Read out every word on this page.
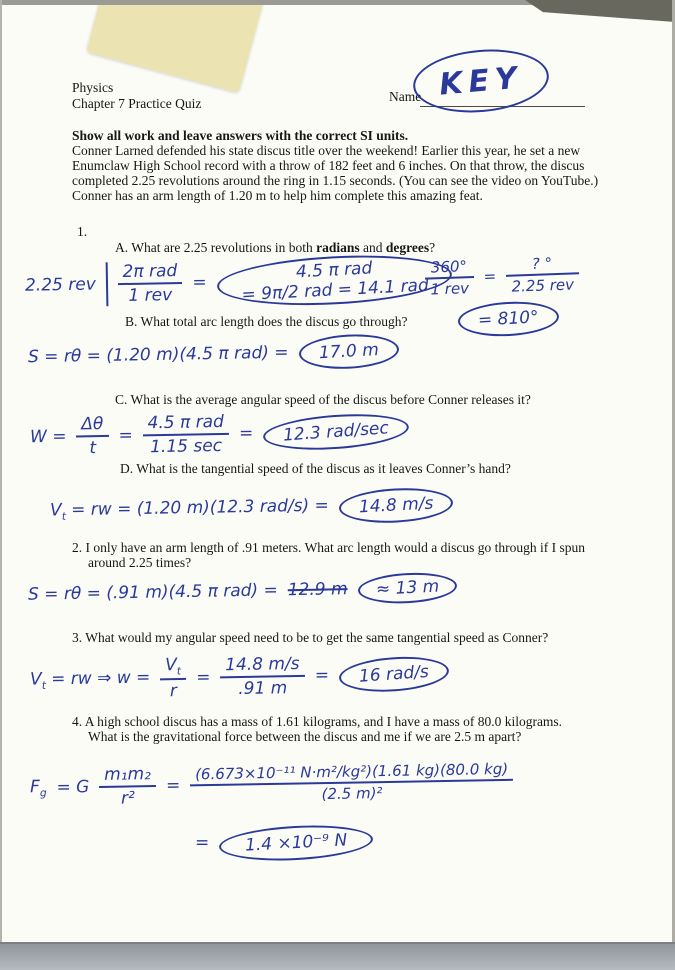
Physics
Chapter 7 Practice Quiz	Name KEY
Show all work and leave answers with the correct SI units.
Conner Larned defended his state discus title over the weekend! Earlier this year, he set a new Enumclaw High School record with a throw of 182 feet and 6 inches. On that throw, the discus completed 2.25 revolutions around the ring in 1.15 seconds. (You can see the video on YouTube.) Conner has an arm length of 1.20 m to help him complete this amazing feat.
1.
A. What are 2.25 revolutions in both radians and degrees?
2.25 rev $\frac{\text{2π rad}}{\text{1 rev}}$ =
4.5 π rad
= 9π/2 rad = 14.1 rad
$\frac{360^\circ}{\text{1 rev}} = \frac{? ^\circ}{\text{2.25 rev}}$
= 810°
B. What total arc length does the discus go through?
S = rθ = (1.20 m)(4.5 π rad) =	17.0 m
C. What is the average angular speed of the discus before Conner releases it?
$W = \frac{\Delta\theta}{t} = \frac{\text{4.5 π rad}}{1.15 \sec}$ =	12.3 rad/sec
D. What is the tangential speed of the discus as it leaves Conner’s hand?
$V_t$ = rw = (1.20 m)(12.3 rad/s) =	14.8 m/s
2. I only have an arm length of .91 meters. What arc length would a discus go through if I spun
around 2.25 times?
S = rθ = (.91 m)(4.5 π rad) = 12.9 m	≈ 13 m
3. What would my angular speed need to be to get the same tangential speed as Conner?
$V_t$ = rw ⇒ $w = \frac{V_t}{r} = \frac{14.8 m/s}{.91 m}$ =	16 rad/s
4. A high school discus has a mass of 1.61 kilograms, and I have a mass of 80.0 kilograms.
What is the gravitational force between the discus and me if we are 2.5 m apart?
$F_g = G \frac{\text{m₁m₂}}{\text{r²}} = \frac{\text{(6.673×10⁻¹¹ N·m²/kg²)(1.61 kg)(80.0 kg)}}{\text{(2.5 m)²}}$
=	1.4 ×10⁻⁹ N
